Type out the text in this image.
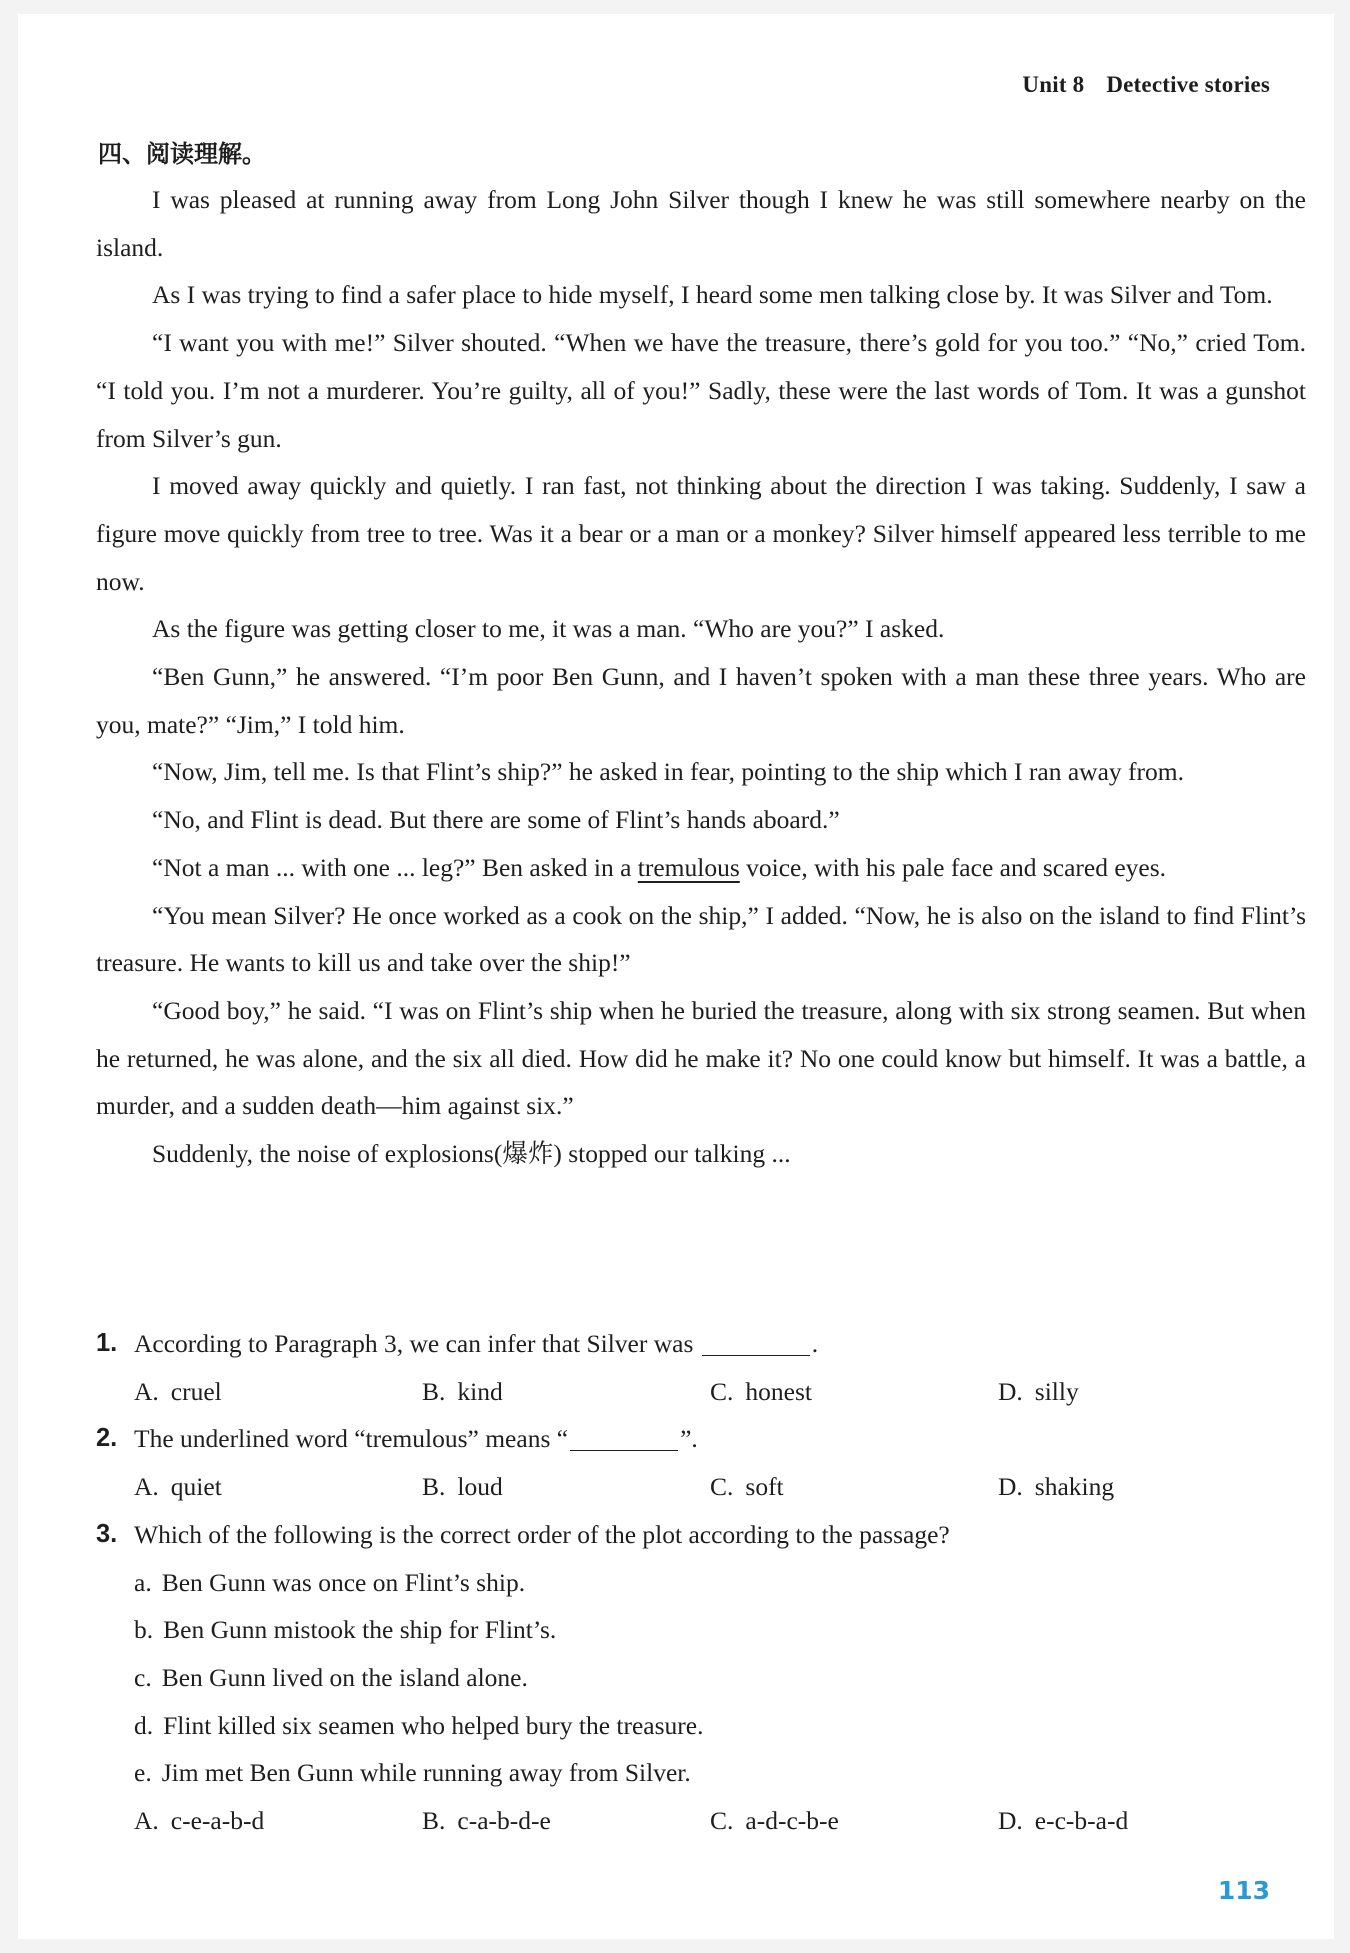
Unit 8 Detective stories
四、阅读理解。

I was pleased at running away from Long John Silver though I knew he was still somewhere nearby on the island.

As I was trying to find a safer place to hide myself, I heard some men talking close by. It was Silver and Tom.

“I want you with me!” Silver shouted. “When we have the treasure, there’s gold for you too.” “No,” cried Tom. “I told you. I’m not a murderer. You’re guilty, all of you!” Sadly, these were the last words of Tom. It was a gunshot from Silver’s gun.

I moved away quickly and quietly. I ran fast, not thinking about the direction I was taking. Suddenly, I saw a figure move quickly from tree to tree. Was it a bear or a man or a monkey? Silver himself appeared less terrible to me now.

As the figure was getting closer to me, it was a man. “Who are you?” I asked.

“Ben Gunn,” he answered. “I’m poor Ben Gunn, and I haven’t spoken with a man these three years. Who are you, mate?” “Jim,” I told him.

“Now, Jim, tell me. Is that Flint’s ship?” he asked in fear, pointing to the ship which I ran away from.

“No, and Flint is dead. But there are some of Flint’s hands aboard.”

“Not a man ... with one ... leg?” Ben asked in a tremulous voice, with his pale face and scared eyes.

“You mean Silver? He once worked as a cook on the ship,” I added. “Now, he is also on the island to find Flint’s treasure. He wants to kill us and take over the ship!”

“Good boy,” he said. “I was on Flint’s ship when he buried the treasure, along with six strong seamen. But when he returned, he was alone, and the six all died. How did he make it? No one could know but himself. It was a battle, a murder, and a sudden death—him against six.”

Suddenly, the noise of explosions(爆炸) stopped our talking ...

1. According to Paragraph 3, we can infer that Silver was	.
A. cruel	B. kind	C. honest	D. silly
2. The underlined word “tremulous” means “	”.
A. quiet	B. loud	C. soft	D. shaking
3. Which of the following is the correct order of the plot according to the passage?
a. Ben Gunn was once on Flint’s ship.
b. Ben Gunn mistook the ship for Flint’s.
c. Ben Gunn lived on the island alone.
d. Flint killed six seamen who helped bury the treasure.
e. Jim met Ben Gunn while running away from Silver.
A. c-e-a-b-d	B. c-a-b-d-e	C. a-d-c-b-e	D. e-c-b-a-d
113
